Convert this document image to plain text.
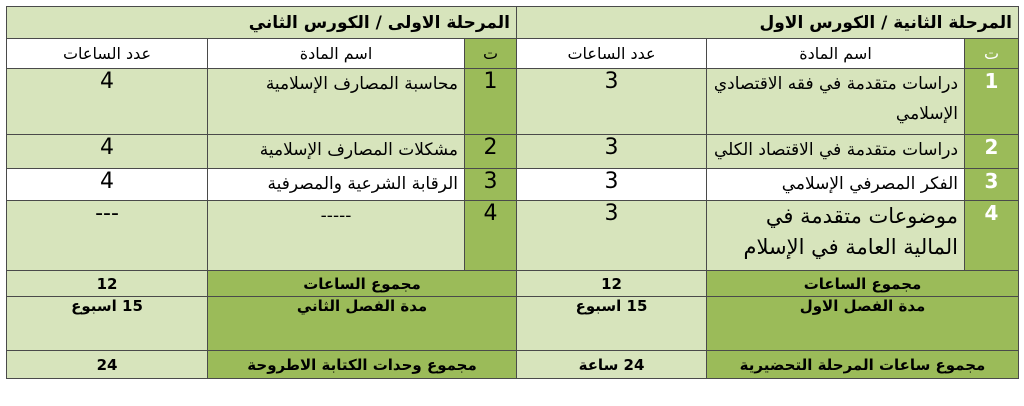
المرحلة الثانية / الكورس الاول			المرحلة الاولى / الكورس الثاني		
ت	اسم المادة	عدد الساعات	ت	اسم المادة	عدد الساعات
1	دراسات متقدمة في فقه الاقتصادي الإسلامي	3	1	محاسبة المصارف الإسلامية	4
2	دراسات متقدمة في الاقتصاد الكلي	3	2	مشكلات المصارف الإسلامية	4
3	الفكر المصرفي الإسلامي	3	3	الرقابة الشرعية والمصرفية	4
4	موضوعات متقدمة في المالية العامة في الإسلام	3	4	-----	---
مجموع الساعات		12	مجموع الساعات		12
مدة الفصل الاول		15 اسبوع	مدة الفصل الثاني		15 اسبوع
مجموع ساعات المرحلة التحضيرية		24 ساعة	مجموع وحدات الكتابة الاطروحة		24
